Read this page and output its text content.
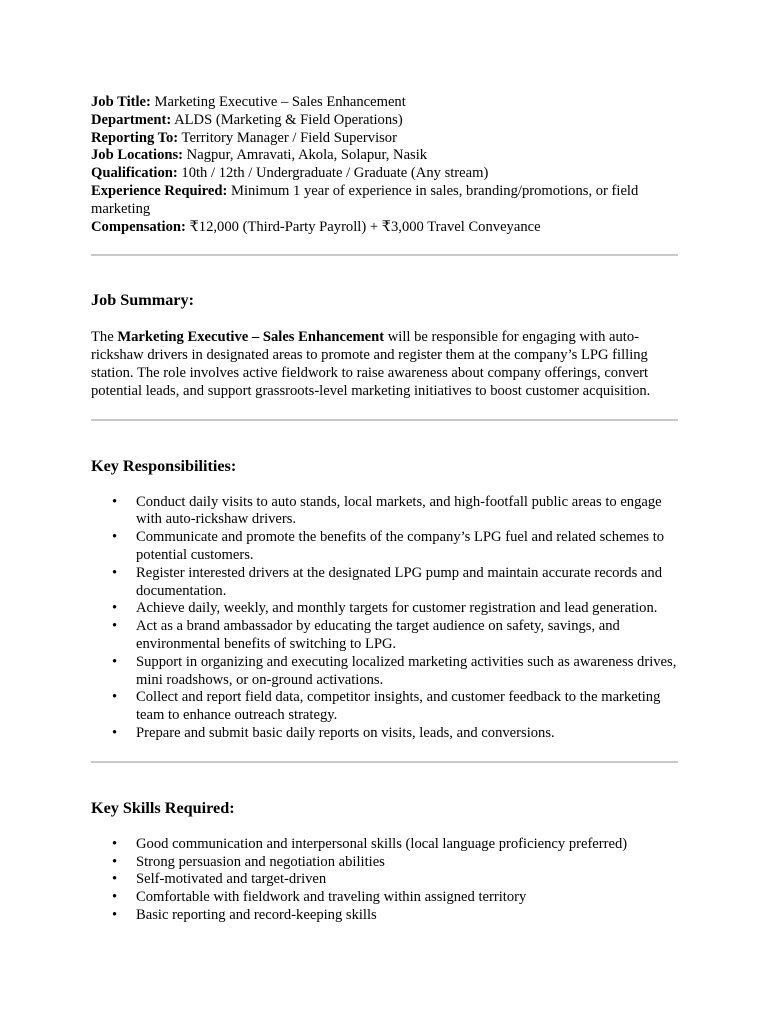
Job Title: Marketing Executive – Sales Enhancement

Department: ALDS (Marketing & Field Operations)

Reporting To: Territory Manager / Field Supervisor

Job Locations: Nagpur, Amravati, Akola, Solapur, Nasik

Qualification: 10th / 12th / Undergraduate / Graduate (Any stream)

Experience Required: Minimum 1 year of experience in sales, branding/promotions, or field marketing

Compensation: ₹12,000 (Third-Party Payroll) + ₹3,000 Travel Conveyance

Job Summary:

The Marketing Executive – Sales Enhancement will be responsible for engaging with auto-rickshaw drivers in designated areas to promote and register them at the company’s LPG filling station. The role involves active fieldwork to raise awareness about company offerings, convert potential leads, and support grassroots-level marketing initiatives to boost customer acquisition.

Key Responsibilities:
• Conduct daily visits to auto stands, local markets, and high-footfall public areas to engage with auto-rickshaw drivers.
• Communicate and promote the benefits of the company’s LPG fuel and related schemes to potential customers.
• Register interested drivers at the designated LPG pump and maintain accurate records and documentation.
• Achieve daily, weekly, and monthly targets for customer registration and lead generation.
• Act as a brand ambassador by educating the target audience on safety, savings, and environmental benefits of switching to LPG.
• Support in organizing and executing localized marketing activities such as awareness drives, mini roadshows, or on-ground activations.
• Collect and report field data, competitor insights, and customer feedback to the marketing team to enhance outreach strategy.
• Prepare and submit basic daily reports on visits, leads, and conversions.
Key Skills Required:
• Good communication and interpersonal skills (local language proficiency preferred)
• Strong persuasion and negotiation abilities
• Self-motivated and target-driven
• Comfortable with fieldwork and traveling within assigned territory
• Basic reporting and record-keeping skills
